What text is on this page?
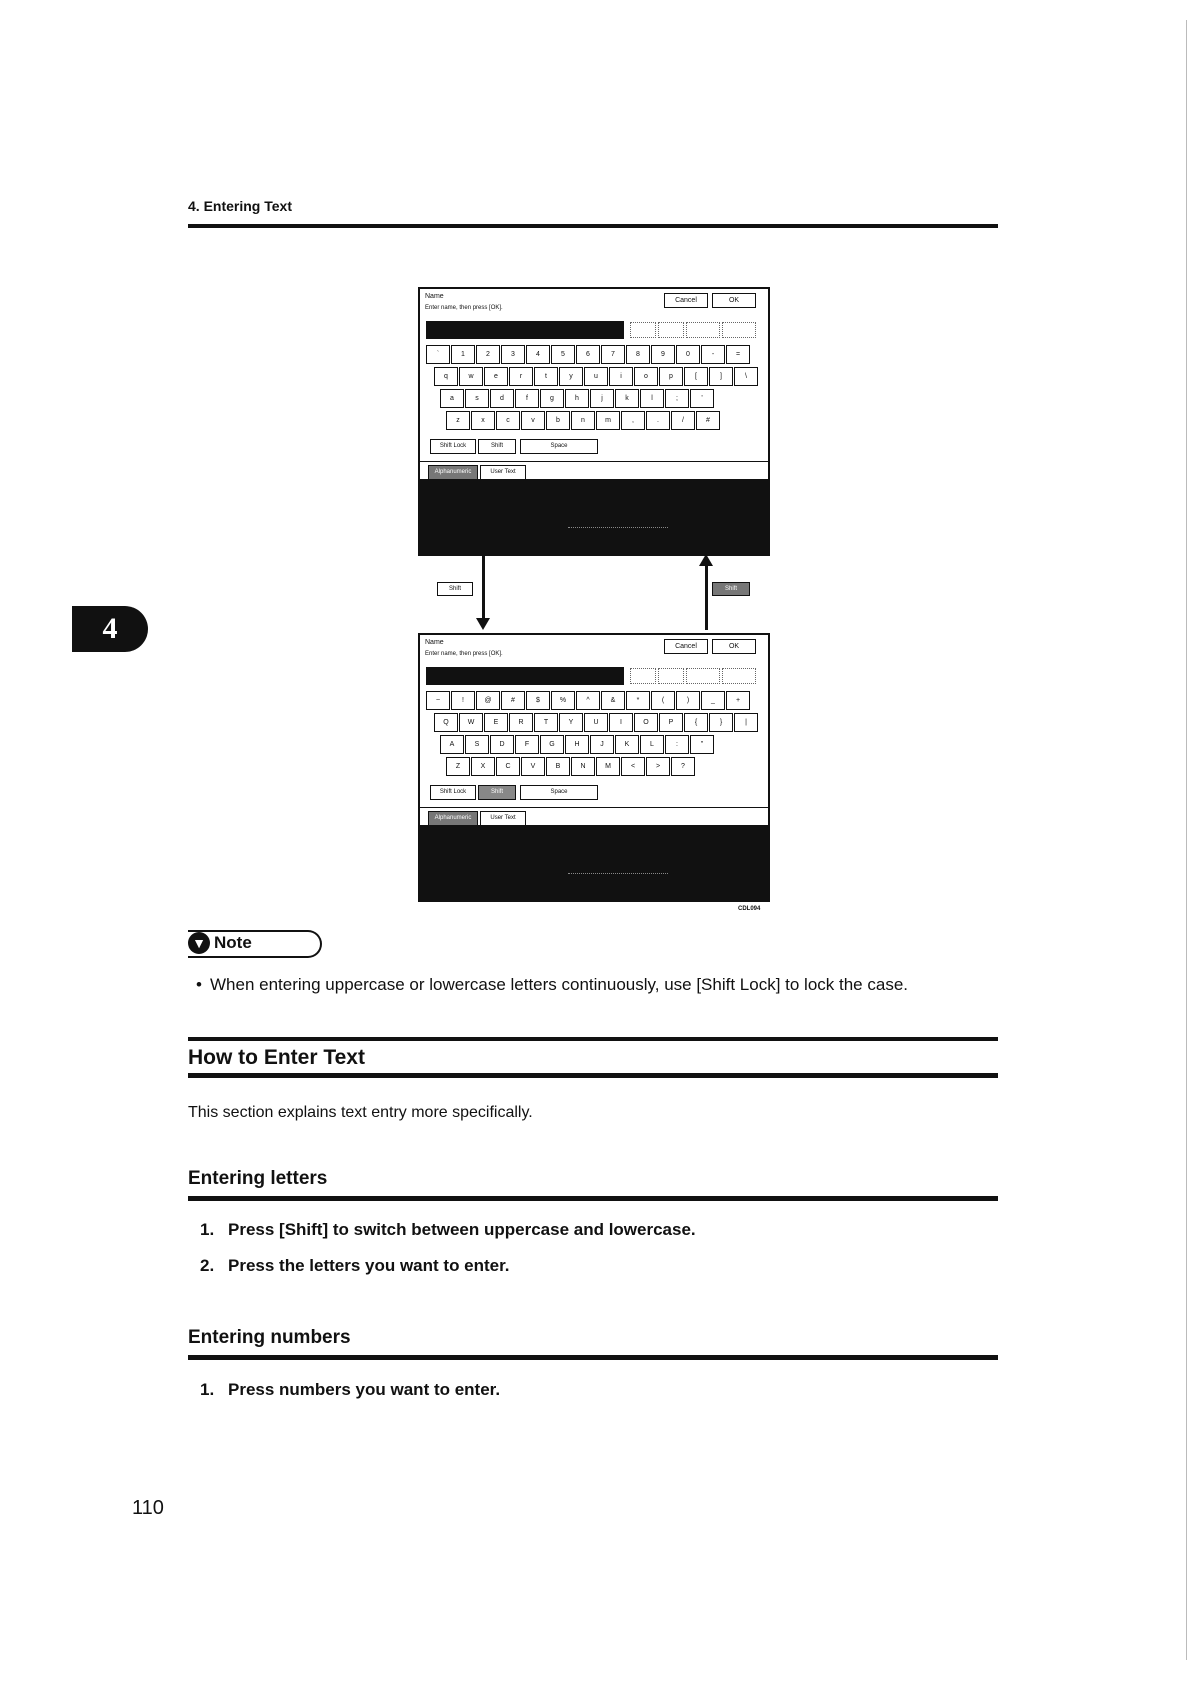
4. Entering Text
4
Name
Enter name, then press [OK].
Cancel	OK
`	1	2	3	4	5	6	7	8	9	0	-	=
q	w	e	r	t	y	u	i	o	p	[	]	\
a	s	d	f	g	h	j	k	l	;	'
z	x	c	v	b	n	m	,	.	/	#
Shift Lock	Shift	Space
Alphanumeric	User Text
Shift	Shift
Name
Enter name, then press [OK].
Cancel	OK
~	!	@	#	$	%	^	&	*	(	)	_	+
Q	W	E	R	T	Y	U	I	O	P	{	}	|
A	S	D	F	G	H	J	K	L	:	"
Z	X	C	V	B	N	M	<	>	?
Shift Lock	Shift	Space
Alphanumeric	User Text
CDL094
▼ Note
• When entering uppercase or lowercase letters continuously, use [Shift Lock] to lock the case.
How to Enter Text
This section explains text entry more specifically.
Entering letters
1. Press [Shift] to switch between uppercase and lowercase.
2. Press the letters you want to enter.
Entering numbers
1. Press numbers you want to enter.
110
